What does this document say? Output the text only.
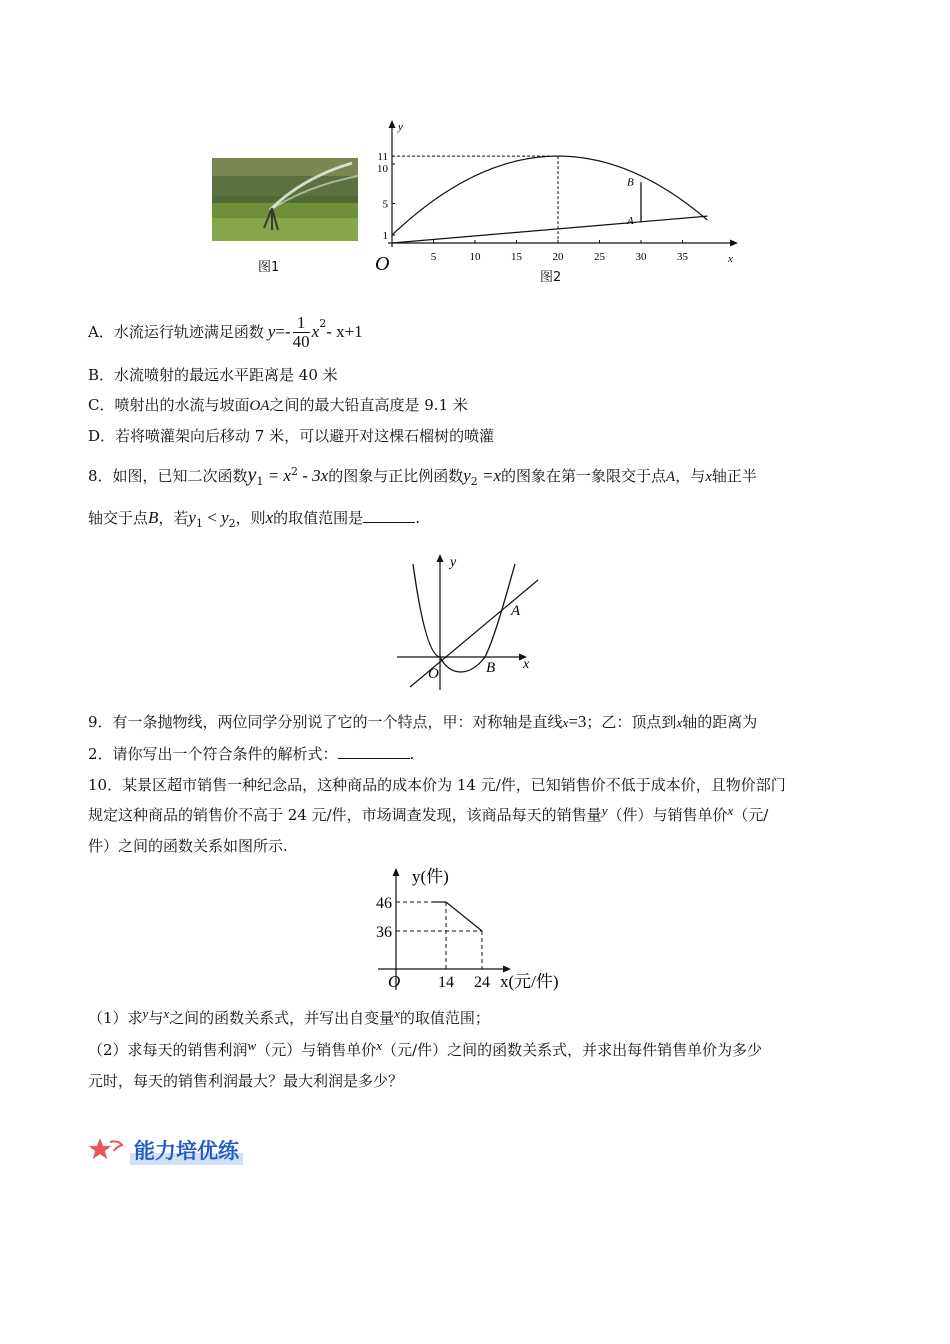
图1
y
x
O	5	10	15	20	25	30	35
1
5
10
11
B
A
图2
A．水流运行轨迹满足函数 $y =- \frac{1}{40} x^2 - x+1$
B．水流喷射的最远水平距离是 40 米
C．喷射出的水流与坡面OA之间的最大铅直高度是 9.1 米
D．若将喷灌架向后移动 7 米，可以避开对这棵石榴树的喷灌
8．如图，已知二次函数$y_1 = x^2 - 3x$的图象与正比例函数$y_2 =x$的图象在第一象限交于点A，与x轴正半
轴交于点B，若$y_1 < y_2$，则x的取值范围是	.
y
x
O
A
B
9．有一条抛物线，两位同学分别说了它的一个特点，甲：对称轴是直线x=3；乙：顶点到x轴的距离为
2．请你写出一个符合条件的解析式：	.
10．某景区超市销售一种纪念品，这种商品的成本价为 14 元/件，已知销售价不低于成本价，且物价部门
规定这种商品的销售价不高于 24 元/件，市场调查发现，该商品每天的销售量y（件）与销售单价x（元/
件）之间的函数关系如图所示.
y(件)
x(元/件)
O
46
36
14 24
（1）求y与x之间的函数关系式，并写出自变量x的取值范围；
（2）求每天的销售利润w（元）与销售单价x（元/件）之间的函数关系式，并求出每件销售单价为多少
元时，每天的销售利润最大？最大利润是多少？
能力培优练
